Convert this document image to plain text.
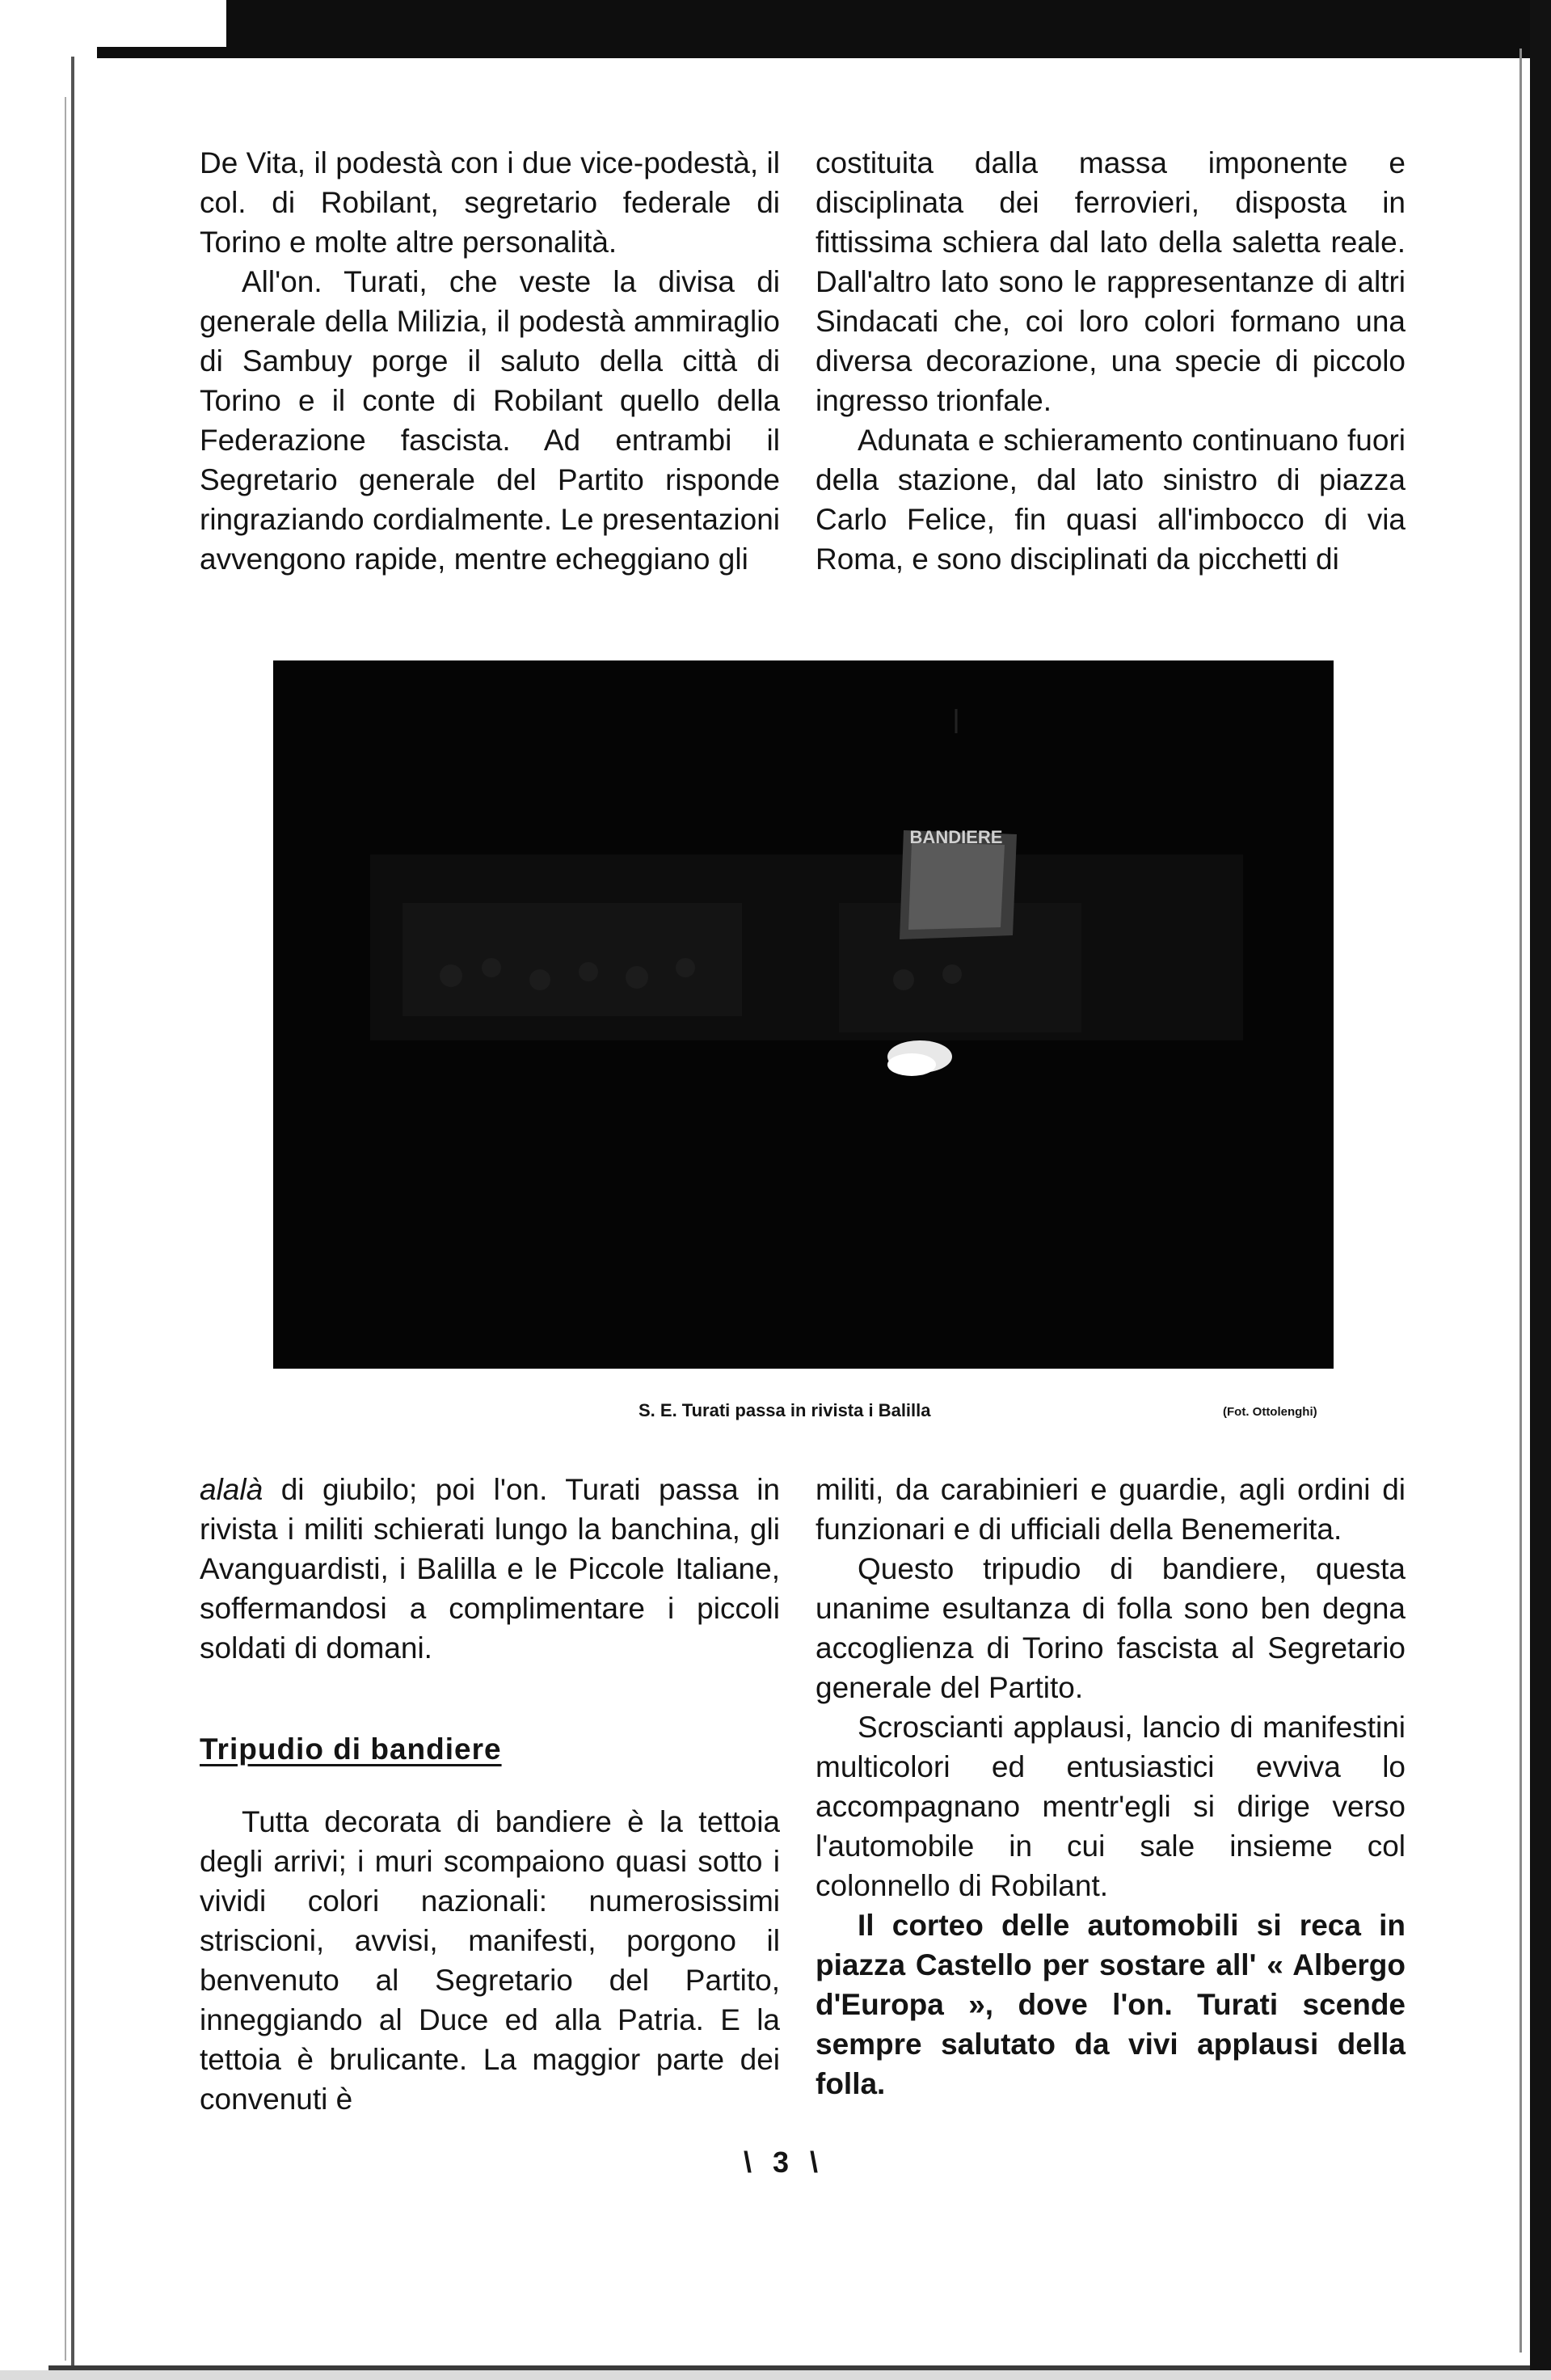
De Vita, il podestà con i due vice-podestà, il col. di Robilant, segretario federale di Torino e molte altre personalità.

All'on. Turati, che veste la divisa di generale della Milizia, il podestà ammiraglio di Sambuy porge il saluto della città di Torino e il conte di Robilant quello della Federazione fascista. Ad entrambi il Segretario generale del Partito risponde ringraziando cordialmente. Le presentazioni avvengono rapide, mentre echeggiano gli

costituita dalla massa imponente e disciplinata dei ferrovieri, disposta in fittissima schiera dal lato della saletta reale. Dall'altro lato sono le rappresentanze di altri Sindacati che, coi loro colori formano una diversa decorazione, una specie di piccolo ingresso trionfale.

Adunata e schieramento continuano fuori della stazione, dal lato sinistro di piazza Carlo Felice, fin quasi all'imbocco di via Roma, e sono disciplinati da picchetti di

BANDIERE
S. E. Turati passa in rivista i Balilla	(Fot. Ottolenghi)

alalà di giubilo; poi l'on. Turati passa in rivista i militi schierati lungo la banchina, gli Avanguardisti, i Balilla e le Piccole Italiane, soffermandosi a complimentare i piccoli soldati di domani.

Tripudio di bandiere

Tutta decorata di bandiere è la tettoia degli arrivi; i muri scompaiono quasi sotto i vividi colori nazionali: numerosissimi striscioni, avvisi, manifesti, porgono il benvenuto al Segretario del Partito, inneggiando al Duce ed alla Patria. E la tettoia è brulicante. La maggior parte dei convenuti è

militi, da carabinieri e guardie, agli ordini di funzionari e di ufficiali della Benemerita.

Questo tripudio di bandiere, questa unanime esultanza di folla sono ben degna accoglienza di Torino fascista al Segretario generale del Partito.

Scroscianti applausi, lancio di manifestini multicolori ed entusiastici evviva lo accompagnano mentr'egli si dirige verso l'automobile in cui sale insieme col colonnello di Robilant.

Il corteo delle automobili si reca in piazza Castello per sostare all' « Albergo d'Europa », dove l'on. Turati scende sempre salutato da vivi applausi della folla.

\ 3 \
